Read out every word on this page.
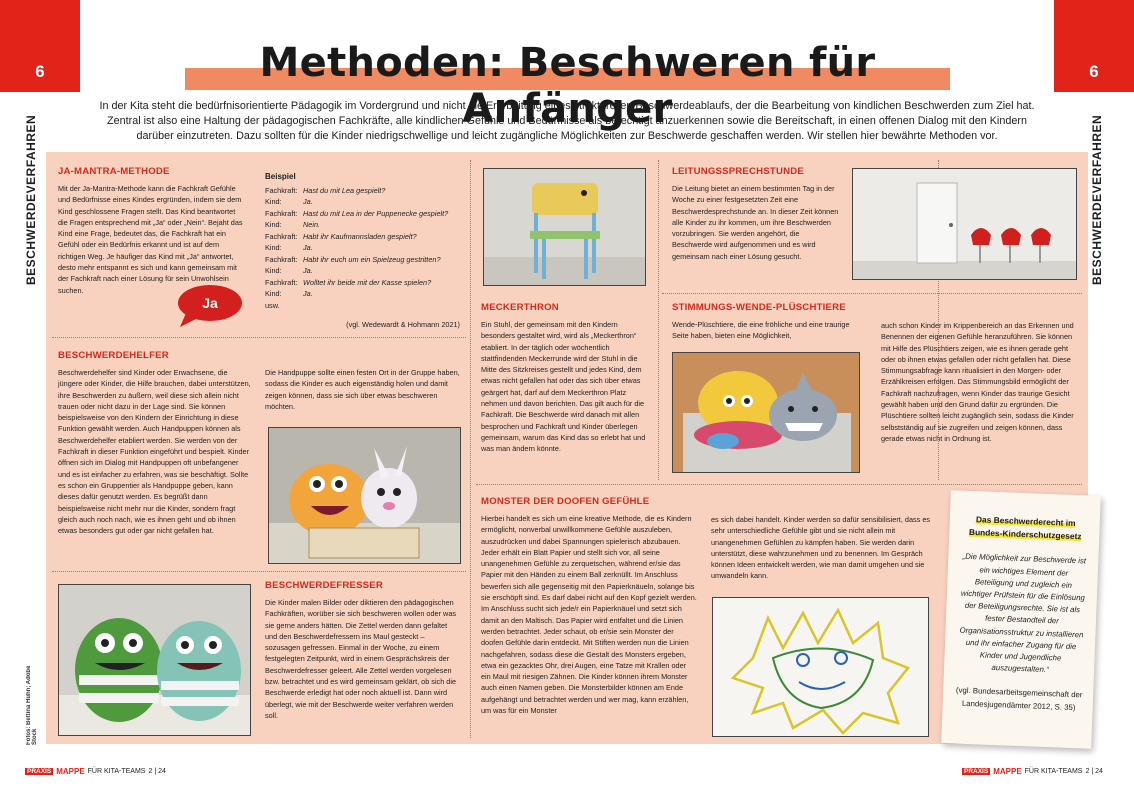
6	6
BESCHWERDEVERFAHREN	BESCHWERDEVERFAHREN
Fotos: Bettina Huhn; Adobe Stock
Methoden: Beschweren für Anfänger

In der Kita steht die bedürfnisorientierte Pädagogik im Vordergrund und nicht die Erarbeitung eines strukturellen Beschwerdeablaufs, der die Bearbeitung von kindlichen Beschwerden zum Ziel hat. Zentral ist also eine Haltung der pädagogischen Fachkräfte, alle kindlichen Gefühle und Bedürfnisse als berechtigt anzuerkennen sowie die Bereitschaft, in einen offenen Dialog mit den Kindern darüber einzutreten. Dazu sollten für die Kinder niedrigschwellige und leicht zugängliche Möglichkeiten zur Beschwerde geschaffen werden. Wir stellen hier bewährte Methoden vor.

JA-MANTRA-METHODE
Mit der Ja-Mantra-Methode kann die Fachkraft Gefühle und Bedürfnisse eines Kindes ergründen, indem sie dem Kind geschlossene Fragen stellt. Das Kind beantwortet die Fragen entsprechend mit „Ja“ oder „Nein“. Bejaht das Kind eine Frage, bedeutet das, die Fachkraft hat ein Gefühl oder ein Bedürfnis erkannt und ist auf dem richtigen Weg. Je häufiger das Kind mit „Ja“ antwortet, desto mehr entspannt es sich und kann gemeinsam mit der Fachkraft nach einer Lösung für sein Unwohlsein suchen.
Ja
Beispiel
Fachkraft: Hast du mit Lea gespielt?
Kind:	Ja.
Fachkraft: Hast du mit Lea in der Puppenecke gespielt?
Kind:	Nein.
Fachkraft: Habt ihr Kaufmannsladen gespielt?
Kind:	Ja.
Fachkraft: Habt ihr euch um ein Spielzeug gestritten?
Kind:	Ja.
Fachkraft: Wolltet ihr beide mit der Kasse spielen?
Kind:	Ja.
usw.
(vgl. Wedewardt & Hohmann 2021)
BESCHWERDEHELFER
Beschwerdehelfer sind Kinder oder Erwachsene, die jüngere oder Kinder, die Hilfe brauchen, dabei unterstützen, ihre Beschwerden zu äußern, weil diese sich allein nicht trauen oder nicht dazu in der Lage sind. Sie können beispielsweise von den Kindern der Einrichtung in diese Funktion gewählt werden. Auch Handpuppen können als Beschwerdehelfer etabliert werden. Sie werden von der Fachkraft in dieser Funktion eingeführt und bespielt. Kinder öffnen sich im Dialog mit Handpuppen oft unbefangener und es ist einfacher zu erfahren, was sie beschäftigt. Sollte es schon ein Gruppentier als Handpuppe geben, kann dieses dafür genutzt werden. Es begrüßt dann beispielsweise nicht mehr nur die Kinder, sondern fragt gleich auch noch nach, wie es ihnen geht und ob ihnen etwas besonders gut oder gar nicht gefallen hat.
Die Handpuppe sollte einen festen Ort in der Gruppe haben, sodass die Kinder es auch eigenständig holen und damit zeigen können, dass sie sich über etwas beschweren möchten.
BESCHWERDEFRESSER
Die Kinder malen Bilder oder diktieren den pädagogischen Fachkräften, worüber sie sich beschweren wollen oder was sie gerne anders hätten. Die Zettel werden dann gefaltet und den Beschwerdefressern ins Maul gesteckt – sozusagen gefressen. Einmal in der Woche, zu einem festgelegten Zeitpunkt, wird in einem Gesprächskreis der Beschwerdefresser geleert. Alle Zettel werden vorgelesen bzw. betrachtet und es wird gemeinsam geklärt, ob sich die Beschwerde erledigt hat oder noch aktuell ist. Dann wird überlegt, wie mit der Beschwerde weiter verfahren werden soll.
MECKERTHRON
Ein Stuhl, der gemeinsam mit den Kindern besonders gestaltet wird, wird als „Meckerthron“ etabliert. In der täglich oder wöchentlich stattfindenden Meckerrunde wird der Stuhl in die Mitte des Sitzkreises gestellt und jedes Kind, dem etwas nicht gefallen hat oder das sich über etwas geärgert hat, darf auf dem Meckerthron Platz nehmen und davon berichten. Das gilt auch für die Fachkraft. Die Beschwerde wird danach mit allen besprochen und Fachkraft und Kinder überlegen gemeinsam, warum das Kind das so erlebt hat und was man ändern könnte.
LEITUNGSSPRECHSTUNDE
Die Leitung bietet an einem bestimmten Tag in der Woche zu einer festgesetzten Zeit eine Beschwerdesprechstunde an. In dieser Zeit können alle Kinder zu ihr kommen, um ihre Beschwerden vorzubringen. Sie werden angehört, die Beschwerde wird aufgenommen und es wird gemeinsam nach einer Lösung gesucht.
STIMMUNGS-WENDE-PLÜSCHTIERE
Wende-Plüschtiere, die eine fröhliche und eine traurige Seite haben, bieten eine Möglichkeit,
auch schon Kinder im Krippenbereich an das Erkennen und Benennen der eigenen Gefühle heranzuführen. Sie können mit Hilfe des Plüschtiers zeigen, wie es ihnen gerade geht oder ob ihnen etwas gefallen oder nicht gefallen hat. Diese Stimmungsabfrage kann ritualisiert in den Morgen- oder Erzählkreisen erfolgen. Das Stimmungsbild ermöglicht der Fachkraft nachzufragen, wenn Kinder das traurige Gesicht gewählt haben und den Grund dafür zu ergründen. Die Plüschtiere sollten leicht zugänglich sein, sodass die Kinder selbstständig auf sie zugreifen und zeigen können, dass gerade etwas nicht in Ordnung ist.
MONSTER DER DOOFEN GEFÜHLE
Hierbei handelt es sich um eine kreative Methode, die es Kindern ermöglicht, nonverbal unwillkommene Gefühle auszuleben, auszudrücken und dabei Spannungen spielerisch abzubauen. Jeder erhält ein Blatt Papier und stellt sich vor, all seine unangenehmen Gefühle zu zerquetschen, während er/sie das Papier mit den Händen zu einem Ball zerknüllt. Im Anschluss bewerfen sich alle gegenseitig mit den Papierknäueln, solange bis sie erschöpft sind. Es darf dabei nicht auf den Kopf gezielt werden. Im Anschluss sucht sich jede/r ein Papierknäuel und setzt sich damit an den Maltisch. Das Papier wird entfaltet und die Linien werden betrachtet. Jeder schaut, ob er/sie sein Monster der doofen Gefühle darin entdeckt. Mit Stiften werden nun die Linien nachgefahren, sodass diese die Gestalt des Monsters ergeben, etwa ein gezacktes Ohr, drei Augen, eine Tatze mit Krallen oder ein Maul mit riesigen Zähnen. Die Kinder können ihrem Monster auch einen Namen geben. Die Monsterbilder können am Ende aufgehängt und betrachtet werden und wer mag, kann erzählen, um was für ein Monster
es sich dabei handelt. Kinder werden so dafür sensibilisiert, dass es sehr unterschiedliche Gefühle gibt und sie nicht allein mit unangenehmen Gefühlen zu kämpfen haben. Sie werden darin unterstützt, diese wahrzunehmen und zu benennen. Im Gespräch können Ideen entwickelt werden, wie man damit umgehen und sie umwandeln kann.
Das Beschwerderecht im Bundes-Kinderschutzgesetz
„Die Möglichkeit zur Beschwerde ist ein wichtiges Element der Beteiligung und zugleich ein wichtiger Prüfstein für die Einlösung der Beteiligungsrechte. Sie ist als fester Bestandteil der Organisationsstruktur zu installieren und ihr einfacher Zugang für die Kinder und Jugendliche auszugestalten.“
(vgl. Bundesarbeitsgemeinschaft der Landesjugendämter 2012, S. 35)
PRAXIS MAPPE FÜR KITA-TEAMS 2 | 24	PRAXIS MAPPE FÜR KITA-TEAMS 2 | 24
